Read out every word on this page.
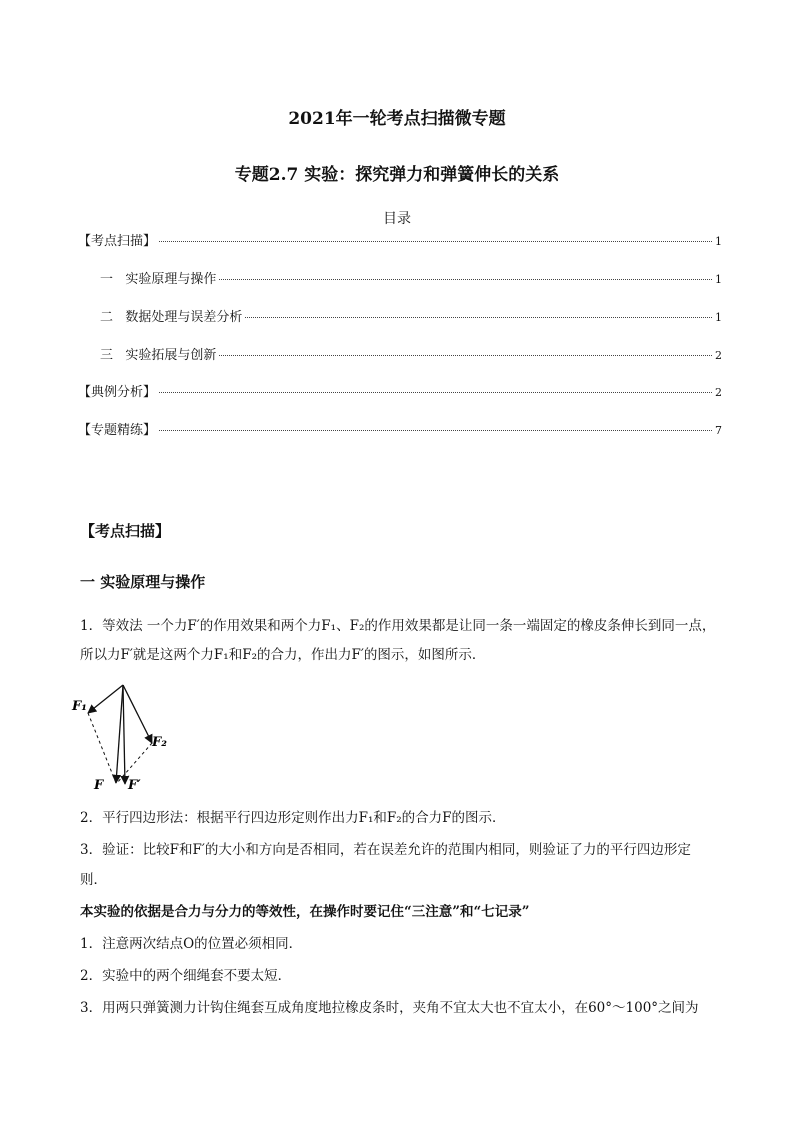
2021年一轮考点扫描微专题
专题2.7 实验：探究弹力和弹簧伸长的关系
目录
【考点扫描】	1
一   实验原理与操作	1
二   数据处理与误差分析	1
三   实验拓展与创新	2
【典例分析】	2
【专题精练】	7
【考点扫描】
一 实验原理与操作
1．等效法 一个力F′的作用效果和两个力F₁、F₂的作用效果都是让同一条一端固定的橡皮条伸长到同一点，
所以力F′就是这两个力F₁和F₂的合力，作出力F′的图示，如图所示．
F₁
F₂
F F′
2．平行四边形法：根据平行四边形定则作出力F₁和F₂的合力F的图示．
3．验证：比较F和F′的大小和方向是否相同，若在误差允许的范围内相同，则验证了力的平行四边形定
则．
本实验的依据是合力与分力的等效性，在操作时要记住“三注意”和“七记录”
1．注意两次结点O的位置必须相同．
2．实验中的两个细绳套不要太短．
3．用两只弹簧测力计钩住绳套互成角度地拉橡皮条时，夹角不宜太大也不宜太小，在60°～100°之间为
